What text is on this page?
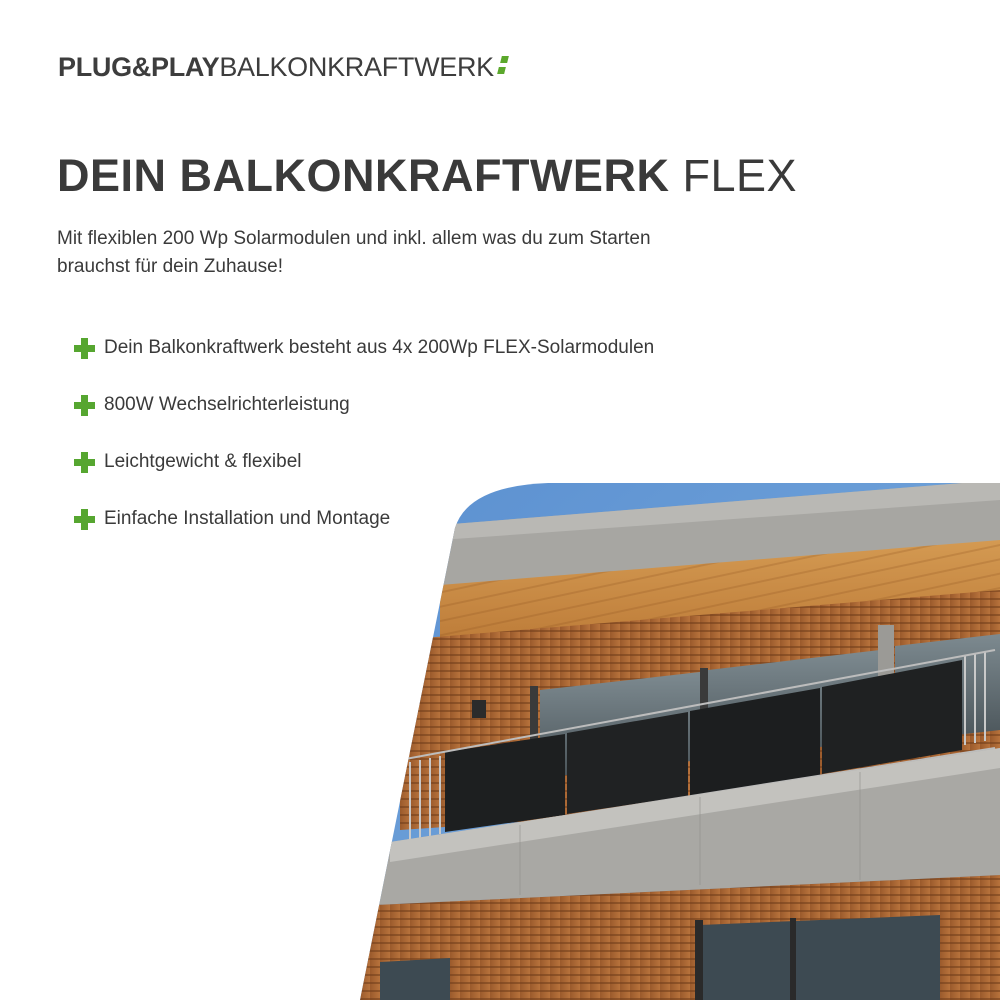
PLUG&PLAYBALKONKRAFTWERK
DEIN BALKONKRAFTWERK FLEX

Mit flexiblen 200 Wp Solarmodulen und inkl. allem was du zum Starten brauchst für dein Zuhause!

Dein Balkonkraftwerk besteht aus 4x 200Wp FLEX-Solarmodulen
800W Wechselrichterleistung
Leichtgewicht & flexibel
Einfache Installation und Montage
